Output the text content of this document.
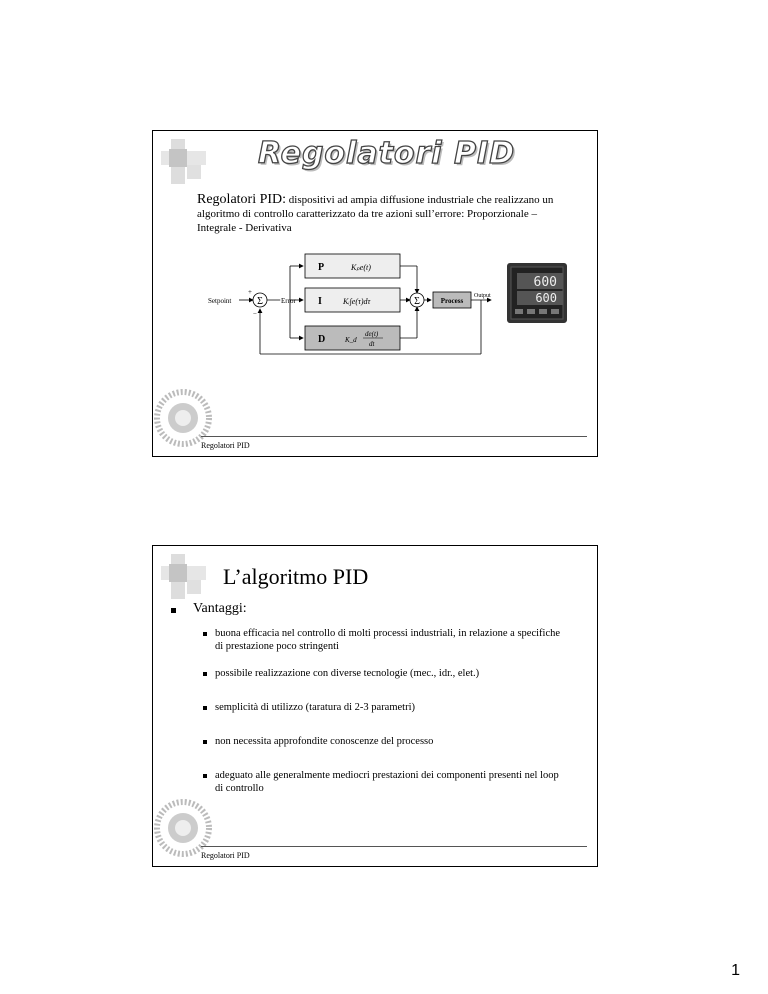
Regolatori PID
Regolatori PID: dispositivi ad ampia diffusione industriale che realizzano un algoritmo di controllo caratterizzato da tre azioni sull’errore: Proporzionale – Integrale - Derivativa
Setpoint	Σ
+
−
Error
P	Kₚe(t)
I	Kᵢ∫e(τ)dτ
D	K_d
de(t)
dt
Σ	Process
Output
600
600
Regolatori PID
L’algoritmo PID
Vantaggi:
buona efficacia nel controllo di molti processi industriali, in relazione a specifiche di prestazione poco stringenti
possibile realizzazione con diverse tecnologie (mec., idr., elet.)
semplicità di utilizzo (taratura di 2-3 parametri)
non necessita approfondite conoscenze del processo
adeguato alle generalmente mediocri prestazioni dei componenti presenti nel loop di controllo
Regolatori PID
1
